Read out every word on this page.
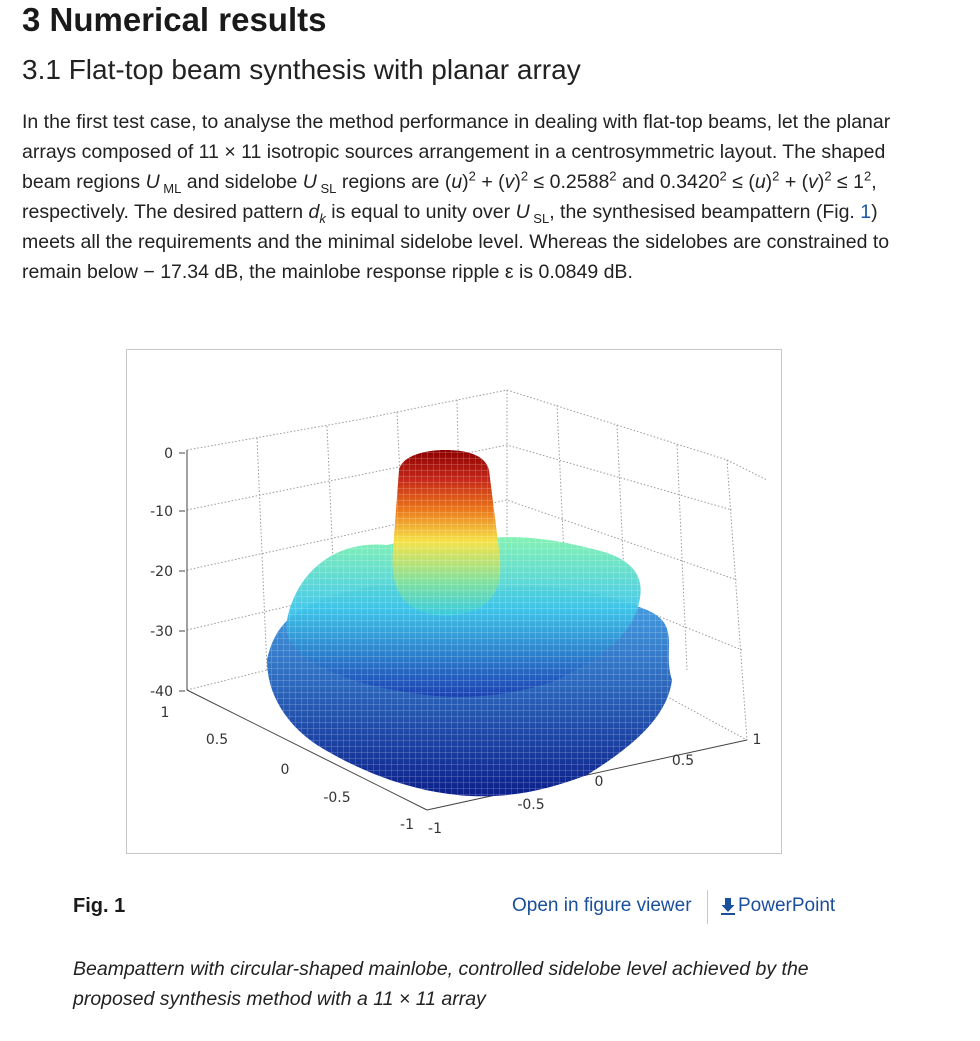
3 Numerical results
3.1 Flat-top beam synthesis with planar array

In the first test case, to analyse the method performance in dealing with flat-top beams, let the planar arrays composed of 11 × 11 isotropic sources arrangement in a centrosymmetric layout. The shaped beam regions U $_{ML}$ and sidelobe U $_{SL}$ regions are $(u)^2 + (v)^2 \le 0.2588^2$ and $0.3420^2 \le (u)^2 + (v)^2 \le 1^2$, respectively. The desired pattern $d_k$ is equal to unity over U $_{SL}$, the synthesised beampattern (Fig. 1) meets all the requirements and the minimal sidelobe level. Whereas the sidelobes are constrained to remain below − 17.34 dB, the mainlobe response ripple ε is 0.0849 dB.

0
-10
-20
-30
-40
1
0.5
0
-0.5
-1 -1
-0.5
0
0.5
1
Fig. 1	Open in figure viewer PowerPoint

Beampattern with circular-shaped mainlobe, controlled sidelobe level achieved by the proposed synthesis method with a 11 × 11 array
